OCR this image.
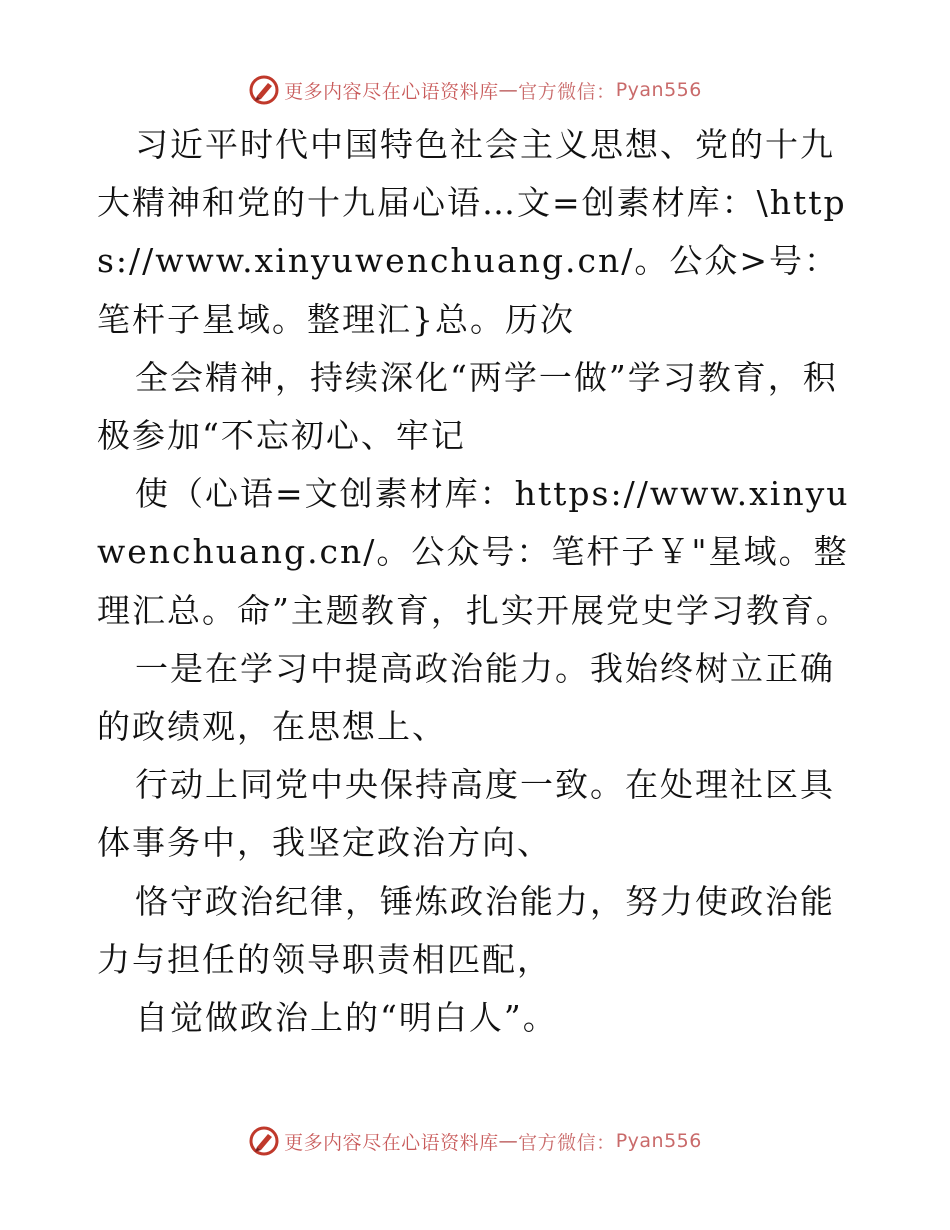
更多内容尽在心语资料库 — 官方微信： Pyan556

习近平时代中国特色社会主义思想、党的十九大精神和党的十九届心语…文=创素材库：\https://www.xinyuwenchuang.cn/。公众>号：笔杆子星域。整理汇}总。历次

全会精神，持续深化“两学一做”学习教育，积极参加“不忘初心、牢记

使（心语=文创素材库：https://www.xinyuwenchuang.cn/。公众号：笔杆子￥"星域。整理汇总。命”主题教育，扎实开展党史学习教育。

一是在学习中提高政治能力。我始终树立正确的政绩观，在思想上、

行动上同党中央保持高度一致。在处理社区具体事务中，我坚定政治方向、

恪守政治纪律，锤炼政治能力，努力使政治能力与担任的领导职责相匹配，

自觉做政治上的“明白人”。

更多内容尽在心语资料库 — 官方微信： Pyan556
